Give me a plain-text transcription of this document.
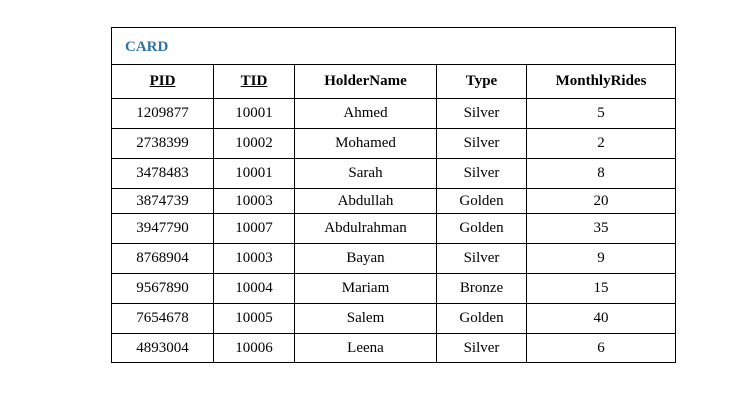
CARD
PID	TID	HolderName	Type	MonthlyRides
1209877	10001	Ahmed	Silver	5
2738399	10002	Mohamed	Silver	2
3478483	10001	Sarah	Silver	8
3874739	10003	Abdullah	Golden	20
3947790	10007	Abdulrahman	Golden	35
8768904	10003	Bayan	Silver	9
9567890	10004	Mariam	Bronze	15
7654678	10005	Salem	Golden	40
4893004	10006	Leena	Silver	6
